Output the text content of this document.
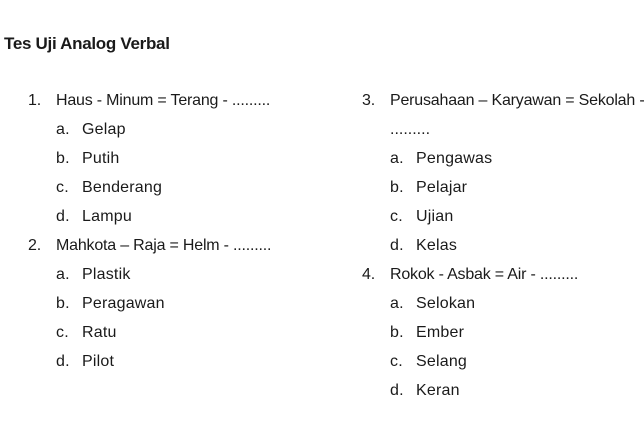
Tes Uji Analog Verbal
1. Haus - Minum = Terang - .........
a. Gelap
b. Putih
c. Benderang
d. Lampu
2. Mahkota – Raja = Helm - .........
a. Plastik
b. Peragawan
c. Ratu
d. Pilot
3. Perusahaan – Karyawan = Sekolah -
.........
a. Pengawas
b. Pelajar
c. Ujian
d. Kelas
4. Rokok - Asbak = Air - .........
a. Selokan
b. Ember
c. Selang
d. Keran
